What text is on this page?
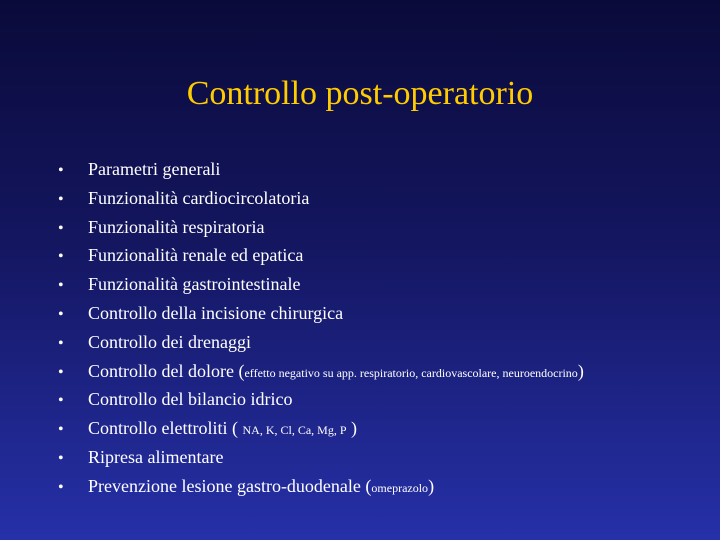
Controllo post-operatorio
•	Parametri generali
•	Funzionalità cardiocircolatoria
•	Funzionalità respiratoria
•	Funzionalità renale ed epatica
•	Funzionalità gastrointestinale
•	Controllo della incisione chirurgica
•	Controllo dei drenaggi
•	Controllo del dolore (effetto negativo su app. respiratorio, cardiovascolare, neuroendocrino)
•	Controllo del bilancio idrico
•	Controllo elettroliti ( NA, K, Cl, Ca, Mg, P )
•	Ripresa alimentare
•	Prevenzione lesione gastro-duodenale (omeprazolo)
